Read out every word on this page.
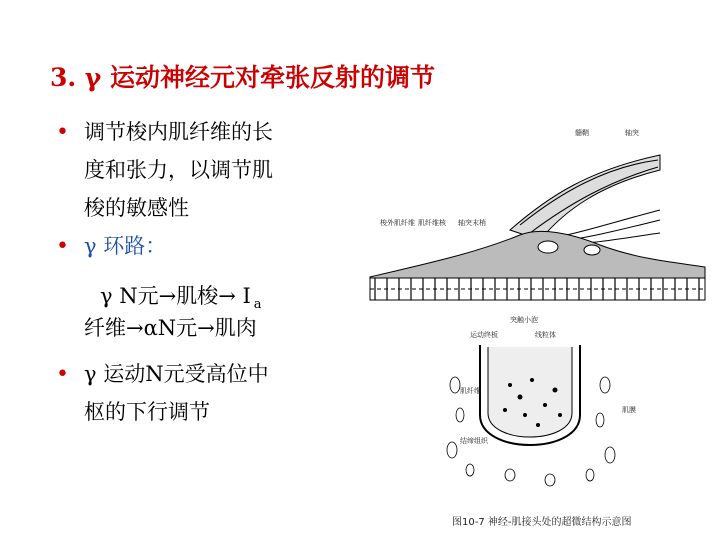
3. γ 运动神经元对牵张反射的调节
• 调节梭内肌纤维的长
度和张力，以调节肌
梭的敏感性
• γ 环路：
γ N元→肌梭→ I $_a$
纤维→αN元→肌肉
• γ 运动N元受高位中
枢的下行调节
髓鞘	轴突
梭外肌纤维 肌纤维核 轴突末梢
突触小泡
运动终板	线粒体
肌纤维
结缔组织
肌膜
图10-7 神经-肌接头处的超微结构示意图
